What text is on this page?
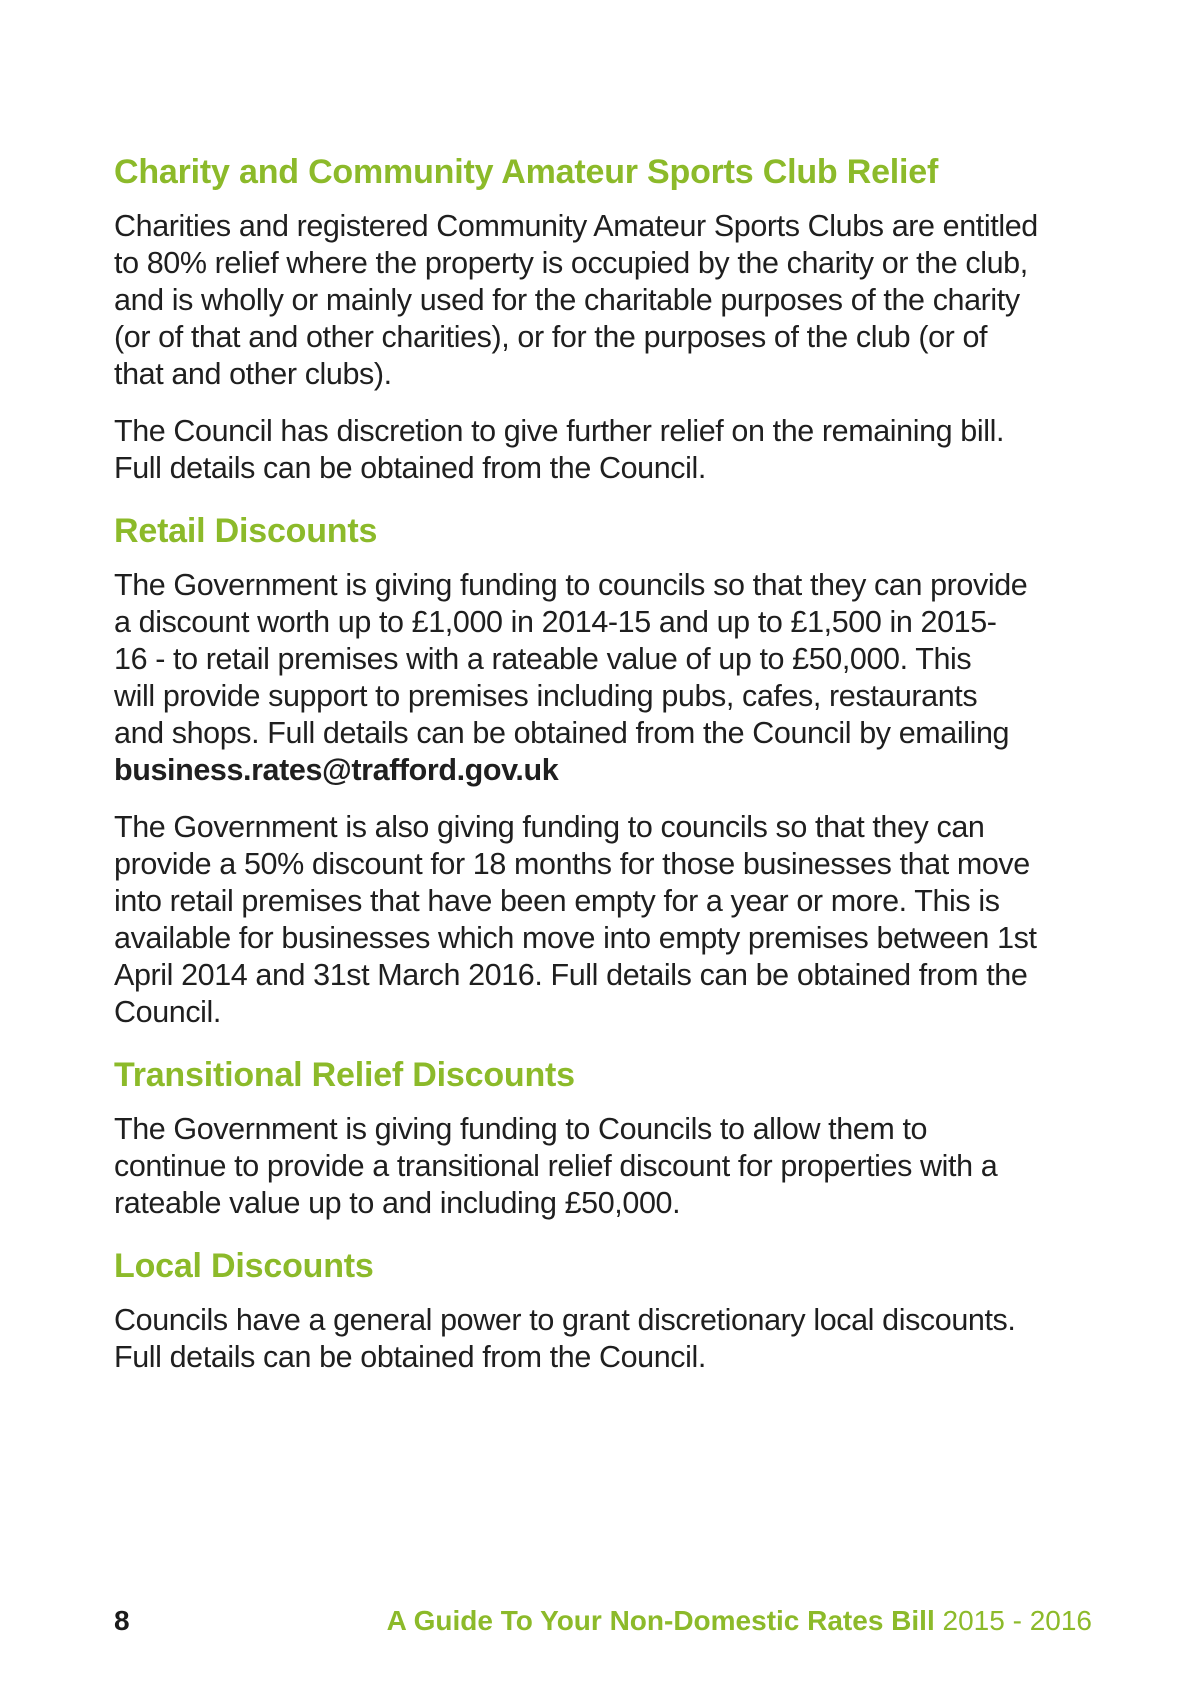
Charity and Community Amateur Sports Club Relief

Charities and registered Community Amateur Sports Clubs are entitled
to 80% relief where the property is occupied by the charity or the club,
and is wholly or mainly used for the charitable purposes of the charity
(or of that and other charities), or for the purposes of the club (or of
that and other clubs).

The Council has discretion to give further relief on the remaining bill.
Full details can be obtained from the Council.

Retail Discounts

The Government is giving funding to councils so that they can provide
a discount worth up to £1,000 in 2014-15 and up to £1,500 in 2015-
16 - to retail premises with a rateable value of up to £50,000. This
will provide support to premises including pubs, cafes, restaurants
and shops. Full details can be obtained from the Council by emailing

business.rates@trafford.gov.uk

The Government is also giving funding to councils so that they can
provide a 50% discount for 18 months for those businesses that move
into retail premises that have been empty for a year or more. This is
available for businesses which move into empty premises between 1st
April 2014 and 31st March 2016. Full details can be obtained from the
Council.

Transitional Relief Discounts

The Government is giving funding to Councils to allow them to
continue to provide a transitional relief discount for properties with a
rateable value up to and including £50,000.

Local Discounts

Councils have a general power to grant discretionary local discounts.
Full details can be obtained from the Council.

8	A Guide To Your Non-Domestic Rates Bill 2015 - 2016
